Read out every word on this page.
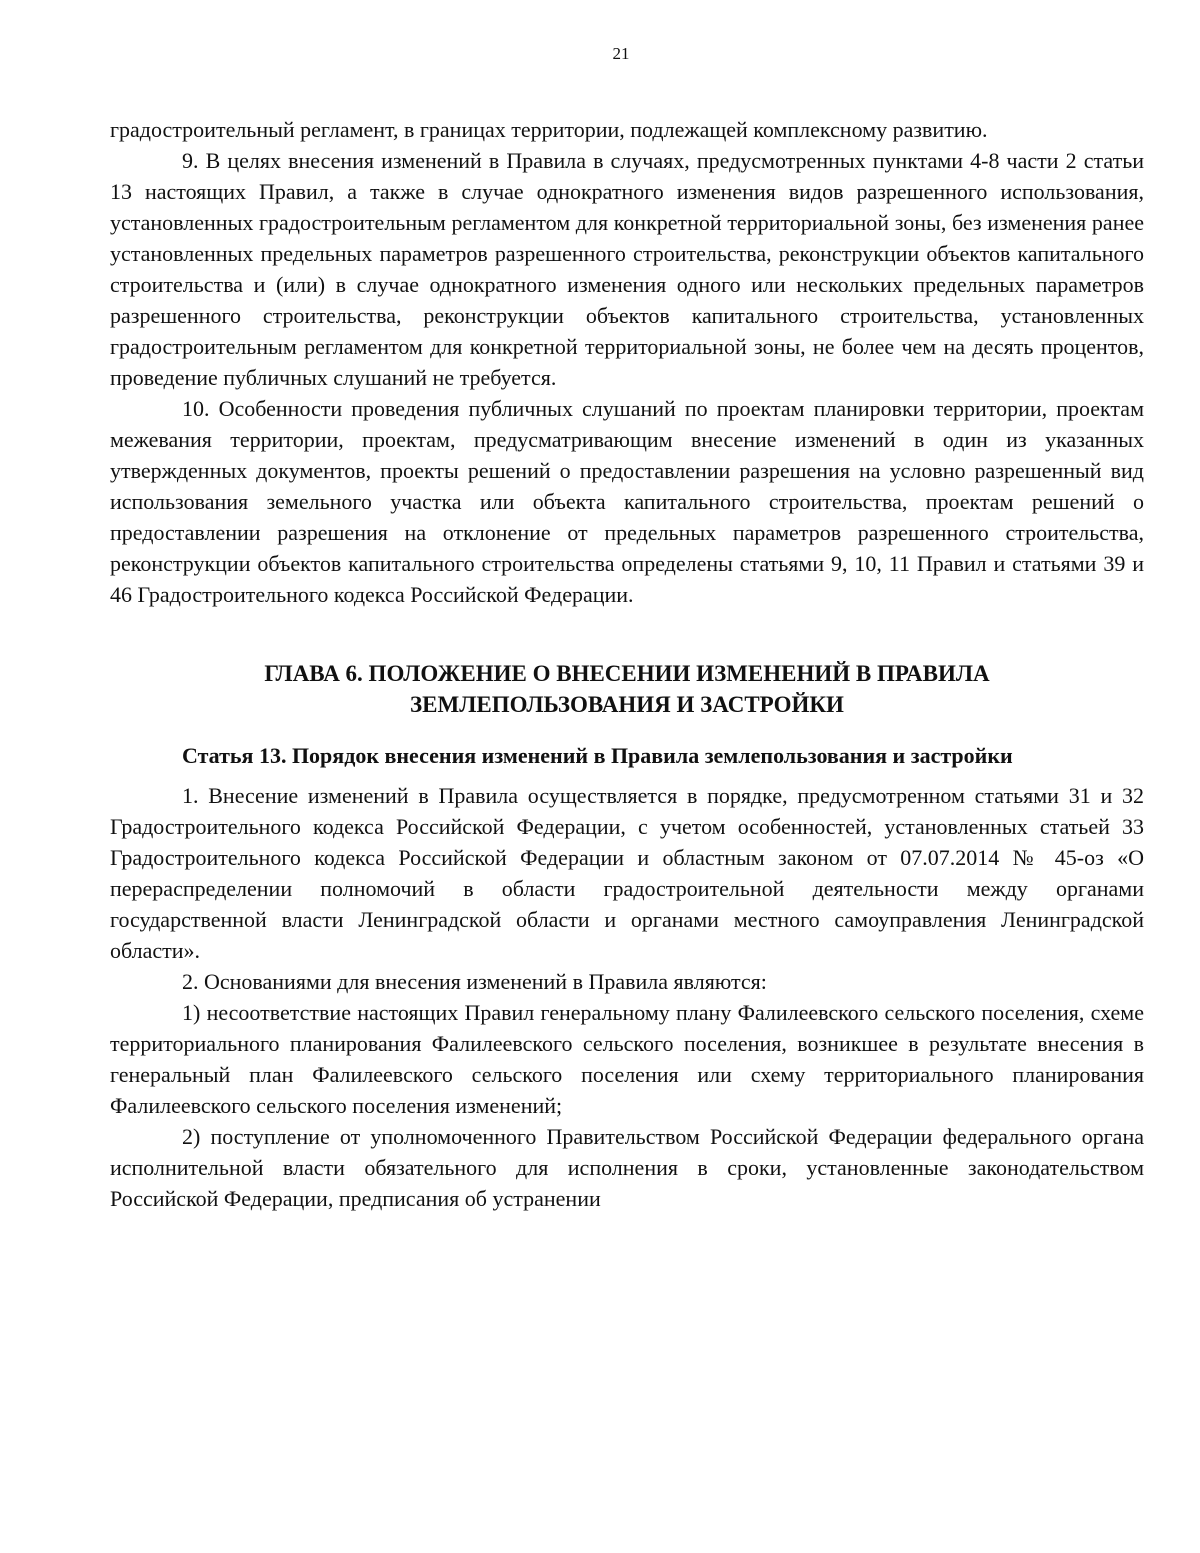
21

градостроительный регламент, в границах территории, подлежащей комплексному развитию.

9. В целях внесения изменений в Правила в случаях, предусмотренных пунктами 4-8 части 2 статьи 13 настоящих Правил, а также в случае однократного изменения видов разрешенного использования, установленных градостроительным регламентом для конкретной территориальной зоны, без изменения ранее установленных предельных параметров разрешенного строительства, реконструкции объектов капитального строительства и (или) в случае однократного изменения одного или нескольких предельных параметров разрешенного строительства, реконструкции объектов капитального строительства, установленных градостроительным регламентом для конкретной территориальной зоны, не более чем на десять процентов, проведение публичных слушаний не требуется.

10. Особенности проведения публичных слушаний по проектам планировки территории, проектам межевания территории, проектам, предусматривающим внесение изменений в один из указанных утвержденных документов, проекты решений о предоставлении разрешения на условно разрешенный вид использования земельного участка или объекта капитального строительства, проектам решений о предоставлении разрешения на отклонение от предельных параметров разрешенного строительства, реконструкции объектов капитального строительства определены статьями 9, 10, 11 Правил и статьями 39 и 46 Градостроительного кодекса Российской Федерации.

ГЛАВА 6. ПОЛОЖЕНИЕ О ВНЕСЕНИИ ИЗМЕНЕНИЙ В ПРАВИЛА ЗЕМЛЕПОЛЬЗОВАНИЯ И ЗАСТРОЙКИ
Статья 13. Порядок внесения изменений в Правила землепользования и застройки

1. Внесение изменений в Правила осуществляется в порядке, предусмотренном статьями 31 и 32 Градостроительного кодекса Российской Федерации, с учетом особенностей, установленных статьей 33 Градостроительного кодекса Российской Федерации и областным законом от 07.07.2014 № 45-оз «О перераспределении полномочий в области градостроительной деятельности между органами государственной власти Ленинградской области и органами местного самоуправления Ленинградской области».

2. Основаниями для внесения изменений в Правила являются:

1) несоответствие настоящих Правил генеральному плану Фалилеевского сельского поселения, схеме территориального планирования Фалилеевского сельского поселения, возникшее в результате внесения в генеральный план Фалилеевского сельского поселения или схему территориального планирования Фалилеевского сельского поселения изменений;

2) поступление от уполномоченного Правительством Российской Федерации федерального органа исполнительной власти обязательного для исполнения в сроки, установленные законодательством Российской Федерации, предписания об устранении
